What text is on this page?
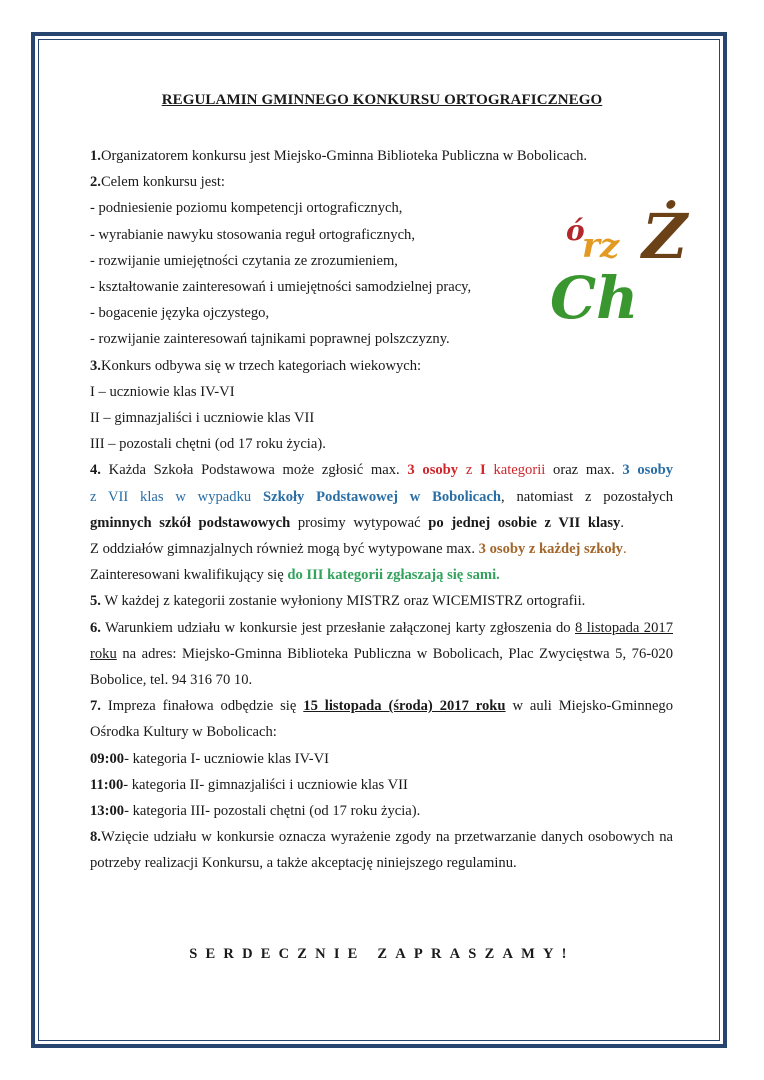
REGULAMIN GMINNEGO KONKURSU ORTOGRAFICZNEGO
ó
rz Ż
Ch

1.Organizatorem konkursu jest Miejsko-Gminna Biblioteka Publiczna w Bobolicach.

2.Celem konkursu jest:

- podniesienie poziomu kompetencji ortograficznych,

- wyrabianie nawyku stosowania reguł ortograficznych,

- rozwijanie umiejętności czytania ze zrozumieniem,

- kształtowanie zainteresowań i umiejętności samodzielnej pracy,

- bogacenie języka ojczystego,

- rozwijanie zainteresowań tajnikami poprawnej polszczyzny.

3.Konkurs odbywa się w trzech kategoriach wiekowych:

I – uczniowie klas IV-VI

II – gimnazjaliści i uczniowie klas VII

III – pozostali chętni (od 17 roku życia).

4. Każda Szkoła Podstawowa może zgłosić max. 3 osoby z I kategorii oraz max. 3 osoby z VII klas w wypadku Szkoły Podstawowej w Bobolicach, natomiast z pozostałych gminnych szkół podstawowych prosimy wytypować po jednej osobie z VII klasy.

Z oddziałów gimnazjalnych również mogą być wytypowane max. 3 osoby z każdej szkoły.

Zainteresowani kwalifikujący się do III kategorii zgłaszają się sami.

5. W każdej z kategorii zostanie wyłoniony MISTRZ oraz WICEMISTRZ ortografii.

6. Warunkiem udziału w konkursie jest przesłanie załączonej karty zgłoszenia do 8 listopada 2017 roku na adres: Miejsko-Gminna Biblioteka Publiczna w Bobolicach, Plac Zwycięstwa 5, 76-020 Bobolice, tel. 94 316 70 10.

7. Impreza finałowa odbędzie się 15 listopada (środa) 2017 roku w auli Miejsko-Gminnego Ośrodka Kultury w Bobolicach:

09:00- kategoria I- uczniowie klas IV-VI

11:00- kategoria II- gimnazjaliści i uczniowie klas VII

13:00- kategoria III- pozostali chętni (od 17 roku życia).

8.Wzięcie udziału w konkursie oznacza wyrażenie zgody na przetwarzanie danych osobowych na potrzeby realizacji Konkursu, a także akceptację niniejszego regulaminu.

SERDECZNIE ZAPRASZAMY!
